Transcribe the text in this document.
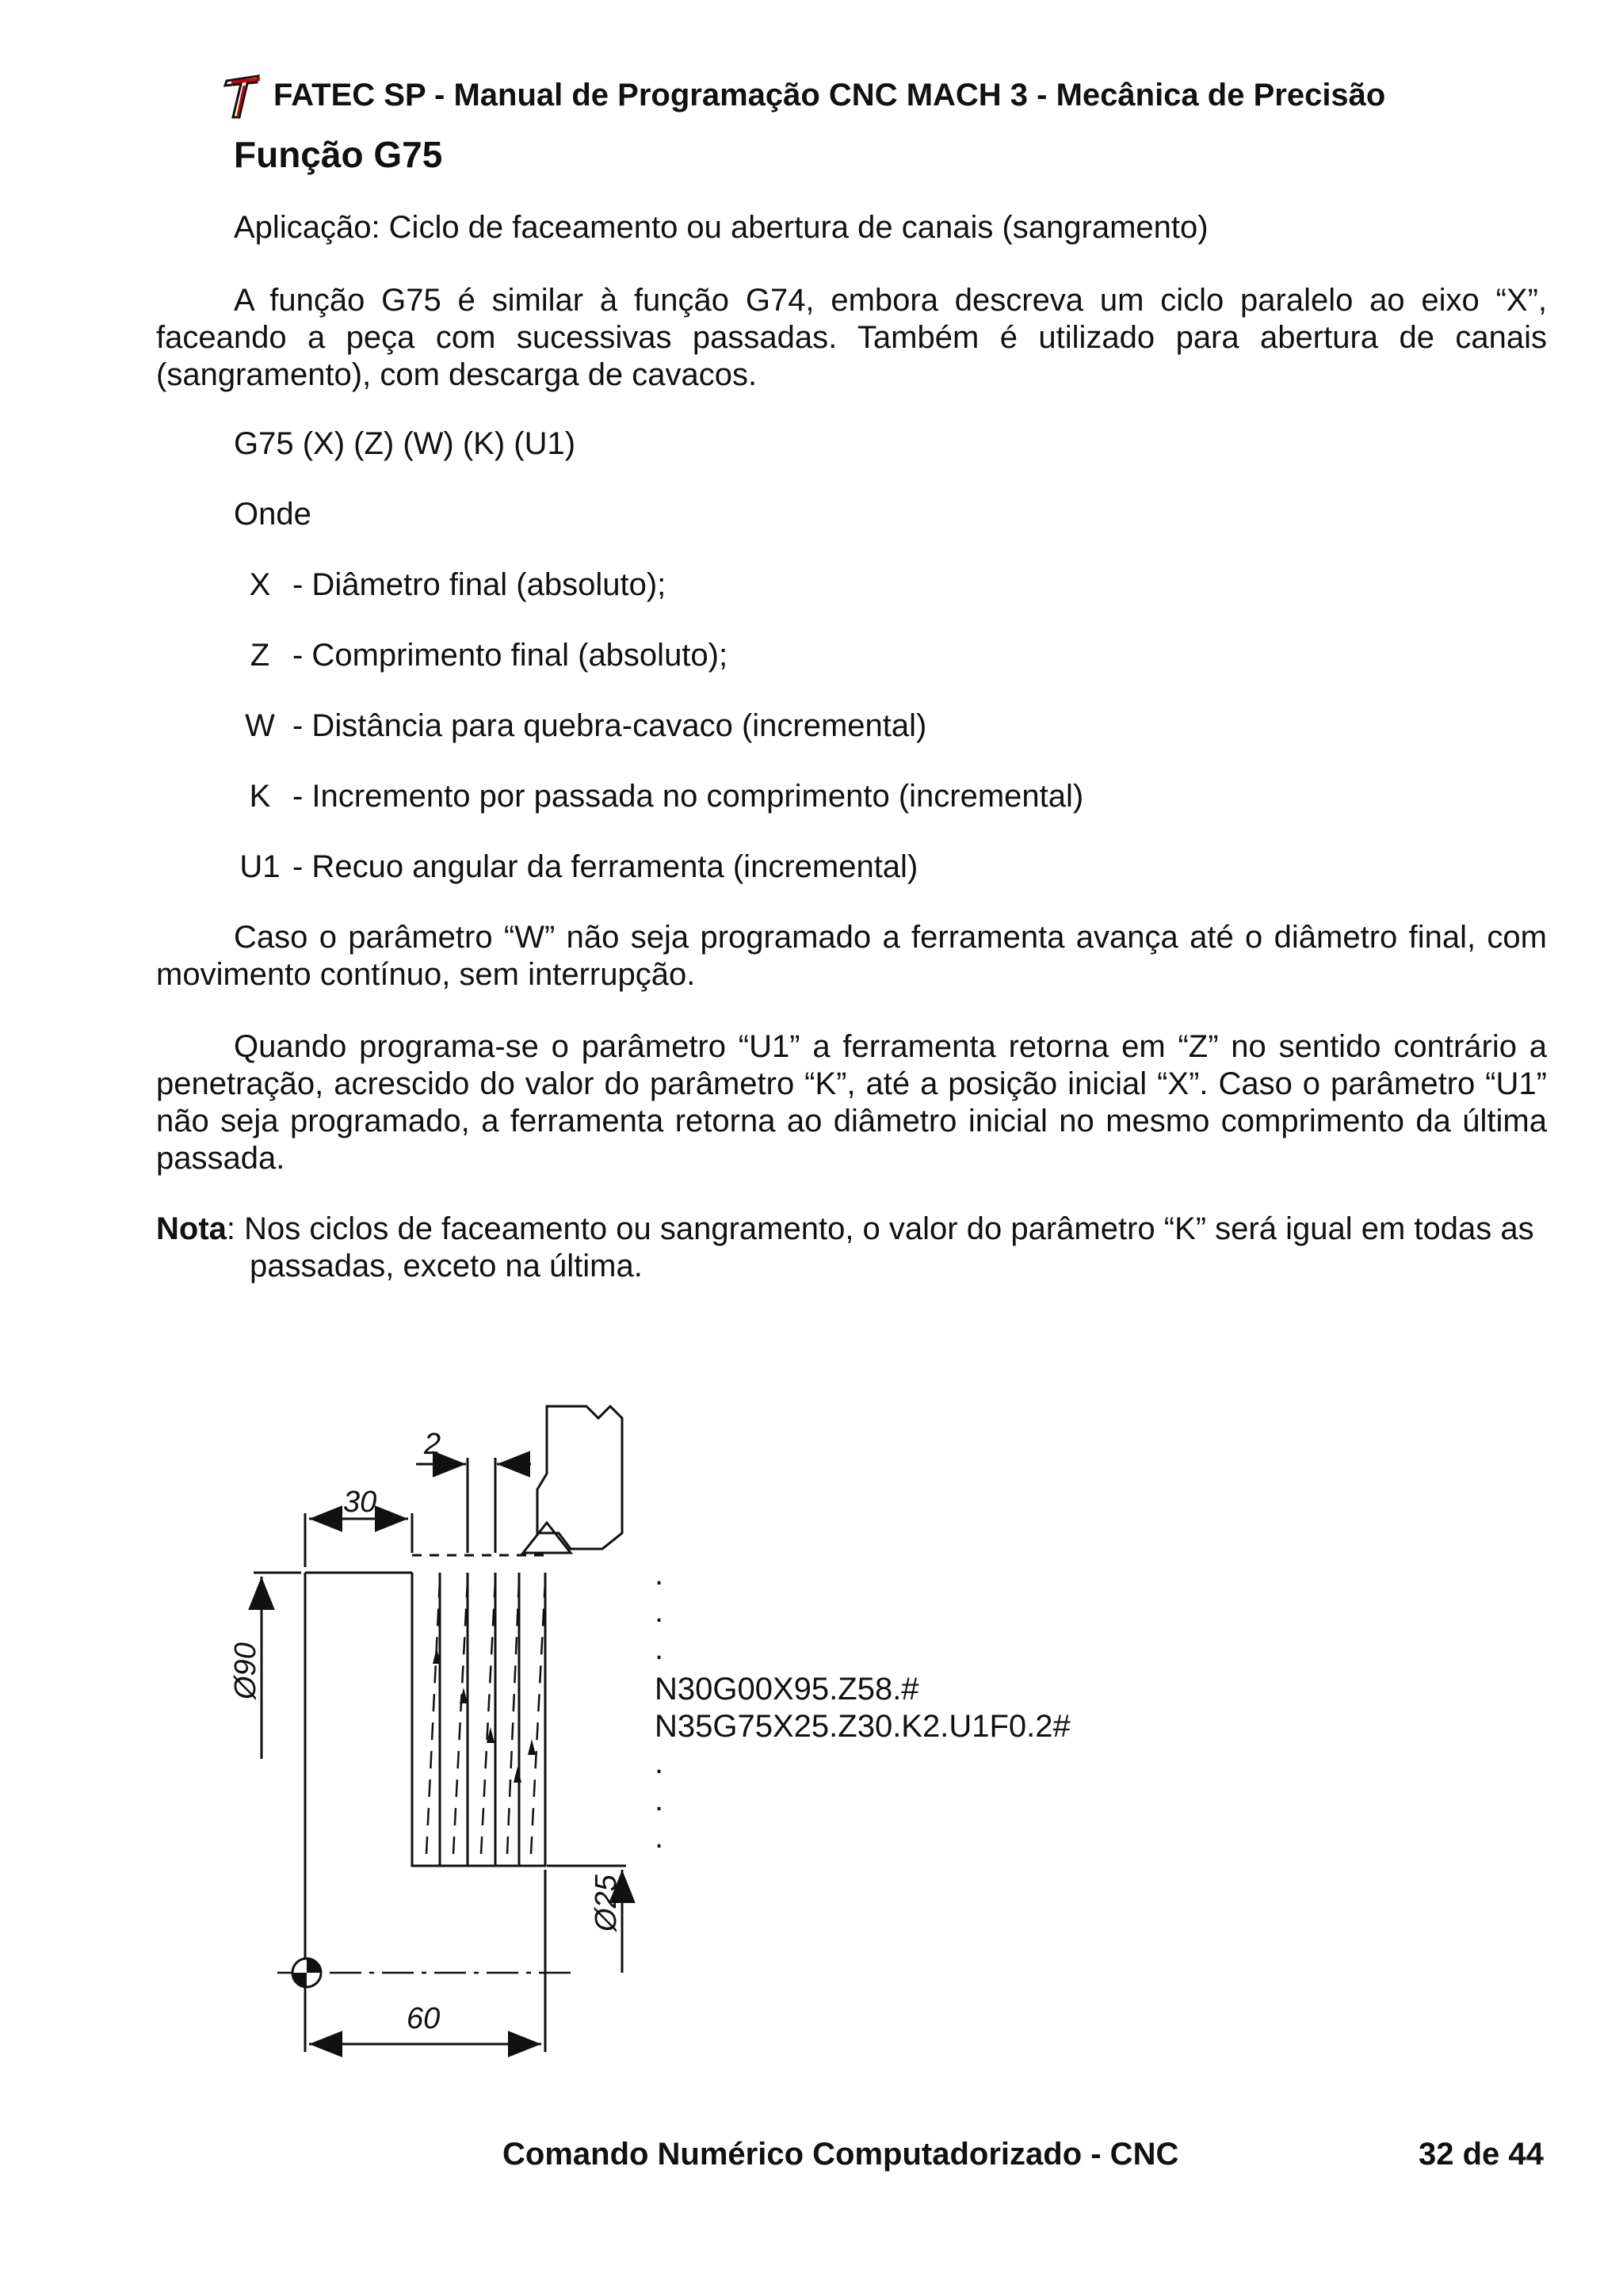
FATEC SP - Manual de Programação CNC MACH 3 - Mecânica de Precisão
Função G75
Aplicação: Ciclo de faceamento ou abertura de canais (sangramento)
A função G75 é similar à função G74, embora descreva um ciclo paralelo ao eixo “X”, faceando a peça com sucessivas passadas. Também é utilizado para abertura de canais (sangramento), com descarga de cavacos.
G75 (X) (Z) (W) (K) (U1)
Onde
X - Diâmetro final (absoluto);
Z - Comprimento final (absoluto);
W - Distância para quebra-cavaco (incremental)
K - Incremento por passada no comprimento (incremental)
U1 - Recuo angular da ferramenta (incremental)
Caso o parâmetro “W” não seja programado a ferramenta avança até o diâmetro final, com movimento contínuo, sem interrupção.
Quando programa-se o parâmetro “U1” a ferramenta retorna em “Z” no sentido contrário a penetração, acrescido do valor do parâmetro “K”, até a posição inicial “X”. Caso o parâmetro “U1” não seja programado, a ferramenta retorna ao diâmetro inicial no mesmo comprimento da última passada.
Nota: Nos ciclos de faceamento ou sangramento, o valor do parâmetro “K” será igual em todas as passadas, exceto na última.
2
30
Ø90
Ø25
60
.
.
.
N30G00X95.Z58.#
N35G75X25.Z30.K2.U1F0.2#
.
.
.
Comando Numérico Computadorizado - CNC	32 de 44
